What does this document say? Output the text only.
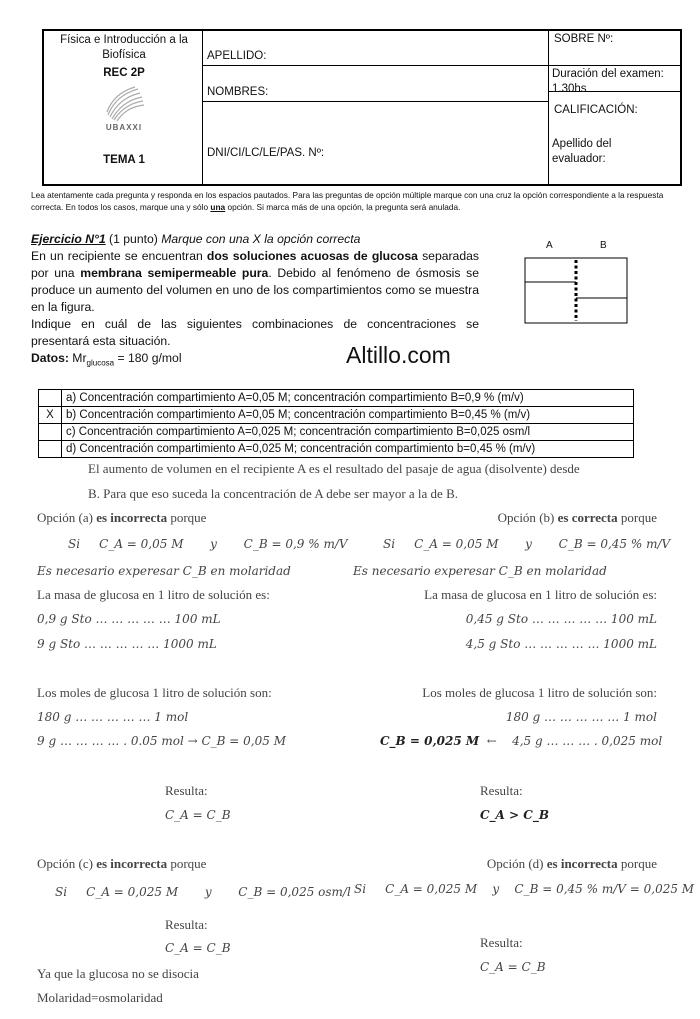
Física e Introducción a la Biofísica
REC 2P
UBAXXI
TEMA 1
APELLIDO:
NOMBRES:
DNI/CI/LC/LE/PAS. Nº:
SOBRE Nº:
Duración del examen: 1.30hs
CALIFICACIÓN:
Apellido del evaluador:
Lea atentamente cada pregunta y responda en los espacios pautados. Para las preguntas de opción múltiple marque con una cruz la opción correspondiente a la respuesta correcta. En todos los casos, marque una y sólo una opción. Si marca más de una opción, la pregunta será anulada.
Ejercicio N°1 (1 punto) Marque con una X la opción correcta
En un recipiente se encuentran dos soluciones acuosas de glucosa separadas por una membrana semipermeable pura. Debido al fenómeno de ósmosis se produce un aumento del volumen en uno de los compartimientos como se muestra en la figura.
Indique en cuál de las siguientes combinaciones de concentraciones se presentará esta situación.
Datos: $Mr_{glucosa} = 180$ g/mol
A	B
Altillo.com
	a) Concentración compartimiento A=0,05 M; concentración compartimiento B=0,9 % (m/v)
X	b) Concentración compartimiento A=0,05 M; concentración compartimiento B=0,45 % (m/v)
	c) Concentración compartimiento A=0,025 M; concentración compartimiento B=0,025 osm/l
	d) Concentración compartimiento A=0,025 M; concentración compartimiento b=0,45 % (m/v)
El aumento de volumen en el recipiente A es el resultado del pasaje de agua (disolvente) desde
B. Para que eso suceda la concentración de A debe ser mayor a la de B.
Opción (a) es incorrecta porque
Si     C_A = 0,05 M       y       C_B = 0,9 % m/V
Es necesario experesar C_B en molaridad
La masa de glucosa en 1 litro de solución es:
0,9 g Sto … … … … … 100 mL
9 g Sto … … … … … 1000 mL
Los moles de glucosa 1 litro de solución son:
180 g … … … … … 1 mol
9 g … … … … . 0.05 mol → C_B = 0,05 M
Resulta:
C_A = C_B
Opción (b) es correcta porque
Si     C_A = 0,05 M       y       C_B = 0,45 % m/V
Es necesario experesar C_B en molaridad
La masa de glucosa en 1 litro de solución es:
0,45 g Sto … … … … … 100 mL
4,5 g Sto … … … … … 1000 mL
Los moles de glucosa 1 litro de solución son:
180 g … … … … … 1 mol
C_B = 0,025 M  ←    4,5 g … … … . 0,025 mol
Resulta:
C_A > C_B
Opción (c) es incorrecta porque
Si     C_A = 0,025 M       y       C_B = 0,025 osm/l
Resulta:
C_A = C_B
Ya que la glucosa no se disocia
Molaridad=osmolaridad
Opción (d) es incorrecta porque
Si     C_A = 0,025 M    y    C_B = 0,45 % m/V = 0,025 M
Resulta:
C_A = C_B
